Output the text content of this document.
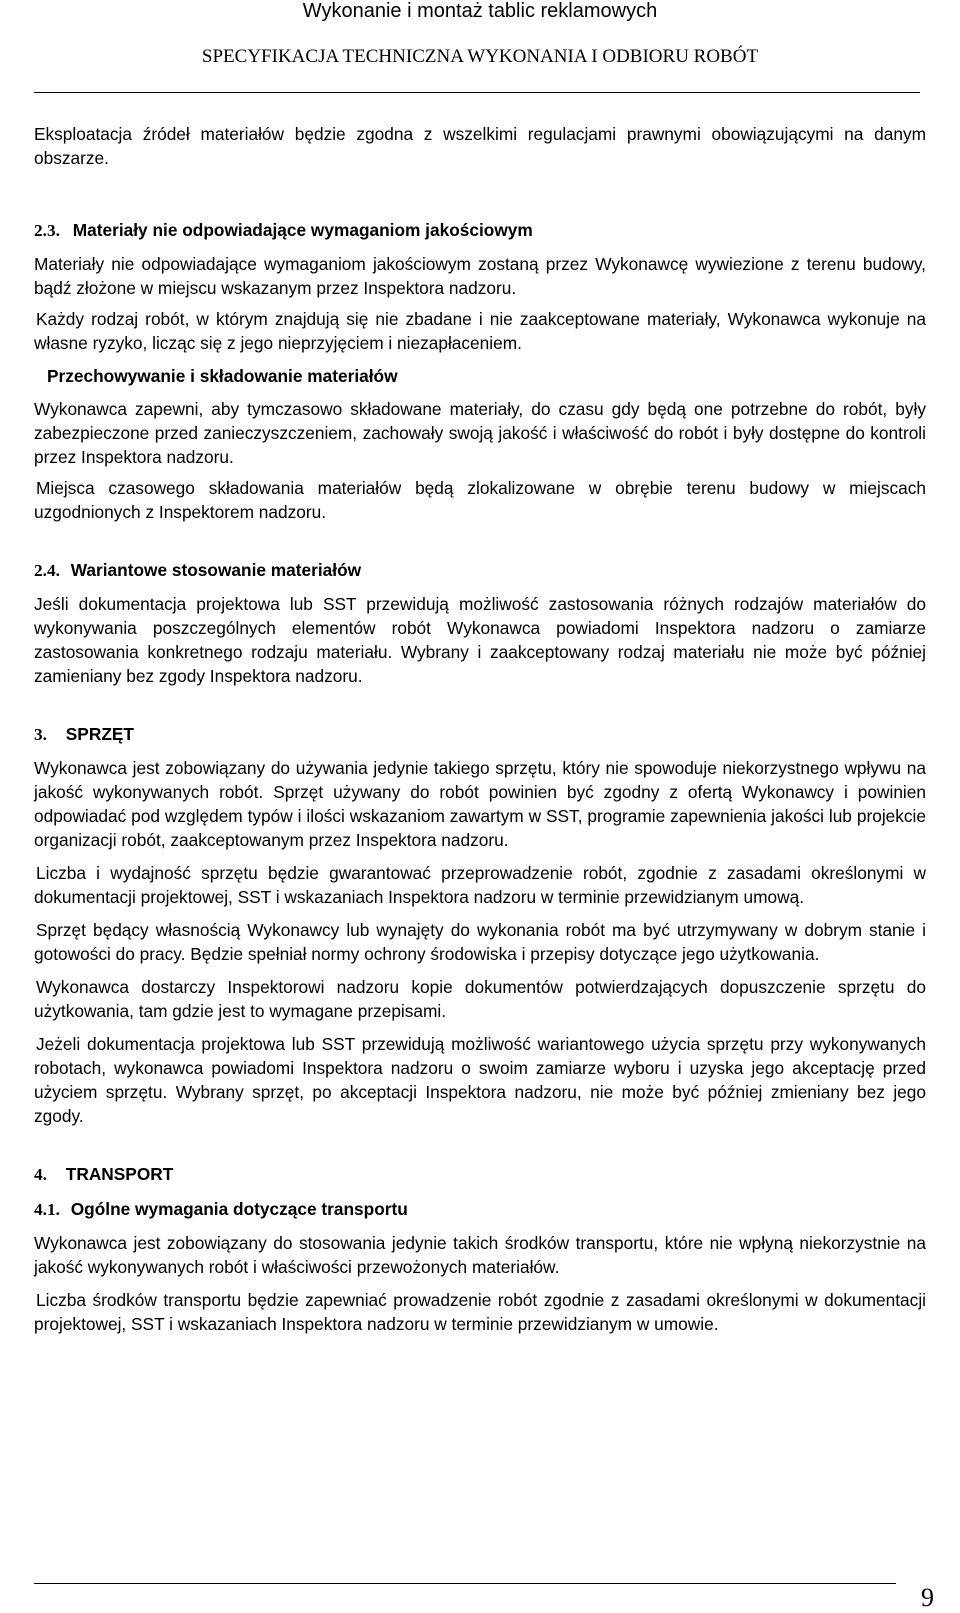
Wykonanie i montaż tablic reklamowych
SPECYFIKACJA TECHNICZNA WYKONANIA I ODBIORU ROBÓT

Eksploatacja źródeł materiałów będzie zgodna z wszelkimi regulacjami prawnymi obowiązującymi na danym obszarze.

2.3. Materiały nie odpowiadające wymaganiom jakościowym

Materiały nie odpowiadające wymaganiom jakościowym zostaną przez Wykonawcę wywiezione z terenu budowy, bądź złożone w miejscu wskazanym przez Inspektora nadzoru.

Każdy rodzaj robót, w którym znajdują się nie zbadane i nie zaakceptowane materiały, Wykonawca wykonuje na własne ryzyko, licząc się z jego nieprzyjęciem i niezapłaceniem.

Przechowywanie i składowanie materiałów

Wykonawca zapewni, aby tymczasowo składowane materiały, do czasu gdy będą one potrzebne do robót, były zabezpieczone przed zanieczyszczeniem, zachowały swoją jakość i właściwość do robót i były dostępne do kontroli przez Inspektora nadzoru.

Miejsca czasowego składowania materiałów będą zlokalizowane w obrębie terenu budowy w miejscach uzgodnionych z Inspektorem nadzoru.

2.4. Wariantowe stosowanie materiałów

Jeśli dokumentacja projektowa lub SST przewidują możliwość zastosowania różnych rodzajów materiałów do wykonywania poszczególnych elementów robót Wykonawca powiadomi Inspektora nadzoru o zamiarze zastosowania konkretnego rodzaju materiału. Wybrany i zaakceptowany rodzaj materiału nie może być później zamieniany bez zgody Inspektora nadzoru.

3. SPRZĘT

Wykonawca jest zobowiązany do używania jedynie takiego sprzętu, który nie spowoduje niekorzystnego wpływu na jakość wykonywanych robót. Sprzęt używany do robót powinien być zgodny z ofertą Wykonawcy i powinien odpowiadać pod względem typów i ilości wskazaniom zawartym w SST, programie zapewnienia jakości lub projekcie organizacji robót, zaakceptowanym przez Inspektora nadzoru.

Liczba i wydajność sprzętu będzie gwarantować przeprowadzenie robót, zgodnie z zasadami określonymi w dokumentacji projektowej, SST i wskazaniach Inspektora nadzoru w terminie przewidzianym umową.

Sprzęt będący własnością Wykonawcy lub wynajęty do wykonania robót ma być utrzymywany w dobrym stanie i gotowości do pracy. Będzie spełniał normy ochrony środowiska i przepisy dotyczące jego użytkowania.

Wykonawca dostarczy Inspektorowi nadzoru kopie dokumentów potwierdzających dopuszczenie sprzętu do użytkowania, tam gdzie jest to wymagane przepisami.

Jeżeli dokumentacja projektowa lub SST przewidują możliwość wariantowego użycia sprzętu przy wykonywanych robotach, wykonawca powiadomi Inspektora nadzoru o swoim zamiarze wyboru i uzyska jego akceptację przed użyciem sprzętu. Wybrany sprzęt, po akceptacji Inspektora nadzoru, nie może być później zmieniany bez jego zgody.

4. TRANSPORT

4.1. Ogólne wymagania dotyczące transportu

Wykonawca jest zobowiązany do stosowania jedynie takich środków transportu, które nie wpłyną niekorzystnie na jakość wykonywanych robót i właściwości przewożonych materiałów.

Liczba środków transportu będzie zapewniać prowadzenie robót zgodnie z zasadami określonymi w dokumentacji projektowej, SST i wskazaniach Inspektora nadzoru w terminie przewidzianym w umowie.

9
